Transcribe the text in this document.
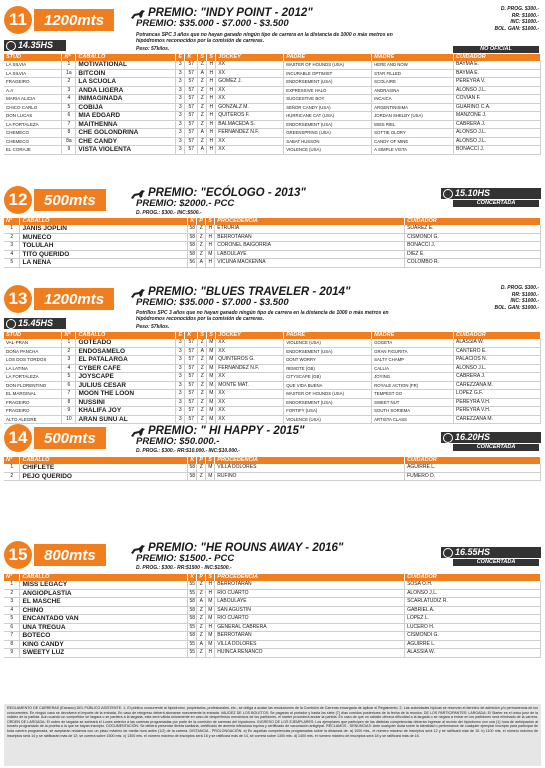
11	1200mts	PREMIO: "INDY POINT - 2012"
PREMIO: $35.000 - $7.000 - $3.500
D. PROG. $300.-
RR: $1000.-
INC: $1000.-
BOL. GAN: $1000.-
Potrancas SPC 3 años que no hayan ganado ningún tipo de carrera en la distancia de 1000 o más metros en hipódromos reconocidos por la comisión de carreras.
14.35HS	Peso: 57kilos.	NO OFICIAL
STUD	N°	CABALLO	E	K	S	S	JOCKEY	PADRE	MADRE	CUIDADOR
LA SILVIA	1	MOTIVATIONAL	3	57	Z	H	XX	MASTER OF HOUNDS (USA)	HERE AND NOW	BAYMA E.
LA SILVIA	1a	BITCOIN	3	57	A	H	XX	INCURABLE OPTIMIST	STAR FILLED	BAYMA E.
FRAGEIRO	2	LA SCUOLA	3	57	Z	H	GOMEZ J.	ENDORSEMENT (USA)	SCOLAIRE	PEREYRA V.
A.A	3	ANDA LIGERA	3	57	Z	H	XX	EXPRESSIVE HALO	ANDRASINA	ALONSO J.L.
MARIA ALICIA	4	INIMAGINADA	3	57	Z	H	XX	SUGGESTIVE BOY	INCAICA	COVIAN F.
CHICO CARLO	5	COBIJA	3	57	Z	H	GONZALZ M.	SEÑOR CANDY (USA)	ARGENTINISIMA	GUARINO C.A.
DON LUCAS	6	MIA EDGARD	3	57	Z	H	QUITEROS F.	HURRICANE CAT (USA)	JORDAN SHELBY (USA)	MANZONE J.
LA FORTALEZA	7	MAITHENNA	3	57	Z	H	BALMACEDA S.	ENDORSEMENT (USA)	MISS RIEL	CABRERA J.
CHEMECO	8	CHE GOLONDRINA	3	57	A	H	FERNANDEZ N.F.	GREENSPRING (USA)	SOTTIE GLORY	ALONSO J.L.
CHEMECO	8a	CHE CANDY	3	57	Z	H	XX	SABAT HUSSON	CANDY OF MINE	ALONSO J.L.
EL CORAJE	9	VISTA VIOLENTA	3	57	A	H	XX	VIOLENCE (USA)	A SIMPLE VISTA	BONACCI J.
12	500mts	PREMIO: "ECÓLOGO - 2013"
PREMIO: $2000.- PCC
D. PROG.: $300.- INC:$500.-
15.10HS
CONCERTADA
N°	CABALLO	K	P	S	PROCEDENCIA	CUIDADOR
1	JANIS JOPLIN	58	Z	H	ETRURIA	SUAREZ E.
2	MUÑECO	58	Z	H	BERROTARAN	CISMONDI G.
3	TOLULAH	58	Z	H	CORONEL BAIGORRIA	BONACCI J.
4	TITO QUERIDO	58	Z	M	LABOULAYE	DIEZ E.
5	LA NENA	56	A	H	VICUÑA MACKENNA	COLOMBO R.
13	1200mts	PREMIO: "BLUES TRAVELER - 2014"
PREMIO: $35.000 - $7.000 - $3.500
D. PROG. $300.-
RR: $1000.-
INC: $1000.-
BOL. GAN: $1000.-
Potrillos SPC 3 años que no hayan ganado ningún tipo de carrera en la distancia de 1000 o más metros en hipódromos reconocidos por la comisión de carreras.
15.45HS	Peso: 57kilos.
STUD	N°	CABALLO	E	K	S	S	JOCKEY	PADRE	MADRE	CUIDADOR
VAL-PRAN	1	GOTEADO	3	57	Z	M	XX	VIOLENCE (USA)	GOGETA	ALASSIA W.
DOÑA PANCHA	2	ENDOSAMELO	3	57	A	M	XX	ENDORSEMENT (USA)	GRAN FIGURITA	CANTERO E.
LOS DOS TORDOS	3	EL PATALARGA	3	57	Z	M	QUINTEROS G.	DONT WORRY	SALTY CHAMP	PALACIOS N.
LA LATINA	4	CYBER CAFÉ	3	57	Z	M	FERNANDEZ N.F.	REMOTE (GB)	CALLIA	ALONSO J.L.
LA FORTALEZA	5	JOYSCAPE	3	57	Z	M	XX	CITYSCAPE (GB)	JOYING	CABRERA J.
DON FLORENTINO	6	JULIUS CESAR	3	57	Z	M	MONTE MAT.	QUE VIDA BUENA	ROYALE ACTION (FR)	CAREZZANA M.
EL MARGINAL	7	MOON THE LOON	3	57	Z	M	XX	MASTER OF HOUNDS (USA)	TEMPEST GO	LOPEZ G.F.
FRAGEIRO	8	NUSSINI	3	57	Z	M	XX	ENDORSEMENT (USA)	SWEET NUT	PEREYRA V.H.
FRAGEIRO	9	KHALIFA JOY	3	57	Z	M	XX	FORTIFY (USA)	SOUTH SORIEMA	PEREYRA V.H.
ALTO ALEGRE	10	ARAN SUNU AL	3	57	Z	M	XX	VIOLENCE (USA)	ARTISTA CLASS	CAREZZANA M.
14	500mts	PREMIO: " HI HAPPY - 2015"
PREMIO: $50.000.-
D. PROG.: $300.- RR:$10.000.- INC:$10.000.-
16.20HS
CONCERTADA
N°	CABALLO	K	P	S	PROCEDENCIA	CUIDADOR
1	CHIFLETE	58	Z	M	VILLA DOLORES	AGUIRRE L.
2	PEJO QUERIDO	58	Z	M	RUFINO	FUMERO D.
15	800mts	PREMIO: "HE ROUNS AWAY - 2016"
PREMIO: $1500.- PCC
D. PROG.: $300.- RR:$1500 - INC:$1500.-
16.55HS
CONCERTADA
N°	CABALLO	K	P	S	PROCEDENCIA	CUIDADOR
1	MISS LEGACY	55	Z	H	BERROTARAN	SOSA O.H.
2	ANGIOPLASTIA	55	Z	H	RIO CUARTO	ALONSO J.L.
3	EL MASCHE	58	A	M	LABOULAYE	SCARLATUDIZ R.
4	CHINO	58	Z	M	SAN AGUSTIN	GABRIEL A.
5	ENCANTADO VAN	58	Z	M	RIO CUARTO	LOPEZ L.
6	UNA TREGUA	55	Z	H	GENERAL CABRERA	LUCERO H.
7	BOTECO	58	Z	M	BERROTARAN	CISMONDI G.
8	KING CANDY	55	A	M	VILLA DOLORES	AGUIRRE L.
9	SWEETY LUZ	55	Z	H	HUINCA RENANCO	ALASSIA W.
REGLAMENTO DE CARRERAS (Extracto) DEL PÚBLICO ASISTENTE: 1- El público concurrente al hipódromo, propietarios, profesionales, etc., se obliga a acatar las resoluciones de la Comisión de Carreras encargada de aplicar el Reglamento. 2- Las autoridades hípicas se reservan el derecho de admisión y/o permanencia de los concurrentes. En ningún caso se devolverá el importe de la entrada. En caso de reingreso deberá abonarse nuevamente la entrada. VALIDEZ DE LOS BOLETOS: Se pagarán al portador y hasta los siete (7) días corridos posteriores de la fecha de la reunión. DE LOS PARTICIPANTES: LARGADA: El Starter es el único juez de la validez de la partida. Aún cuando un competidor se largara o se partiera a la largada, esta será válida únicamente en caso de desperfectos mecánicos de los partidores, el starter procederá anular la partida. En caso de que un caballo ofrezca difícultad a la largada o se negara a entrar en los partidores será eliminado de la carrera. ORDEN DE LARGADA: El orden de largada se sorteará el Lunes anterior a las carreras programadas por parte de la comisión de carreras del hipódromo. INGRESO DE LOS EJEMPLARES: Los ejemplares que participen de las distintas competencias deberán ingresar al recinto del hipódromo con una (1) hora de anticipación al horario programado de la prueba a la que se hayan inscripto. DOCUMENTACIÓN: Se deberá presentar libreta sanitaria, certificado de anemia infecciosa equina y certificado de vacunación antigripal. RECLAMOS - DENUNCIAS: Ante cualquier duda sobre la identidad o performance de cualquier ejemplar inscripto para participar de toda carrera programada, se aceptarán reclamos con un plazo máximo de media hora antes (1/2) de la carrera. DISTANCIA - PROLONGACIÓN: a) En aquellas competencias programadas sobre la distancia de: a) 1000 mts., el número máximo de inscriptos será 12 y se ratificará más de 10. b) 1100 mts. el número máximo de inscriptos será 14 y se ratificarán más de 12; se correrá sobre 1500 mts. c) 1300 mts. el número máximo de inscriptos será 16 y se ratificará más de 14, se correrá sobre 1300 mts. d) 1400 mts. el número máximo de inscriptos será 18 y se ratificará más de 16.
